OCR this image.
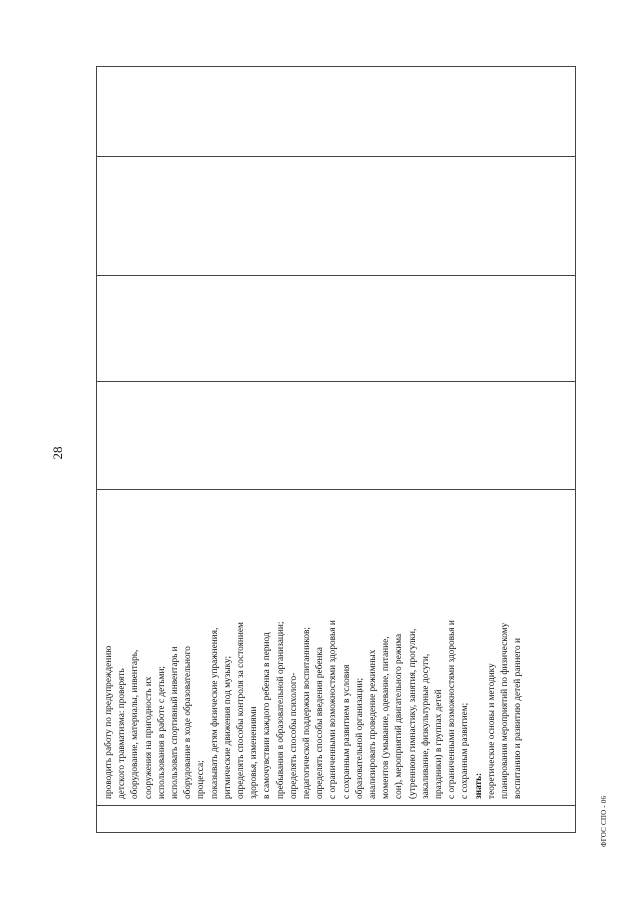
28

проводить работу по предупреждению детского травматизма: проверять оборудование, материалы, инвентарь, сооружения на пригодность их использования в работе с детьми; использовать спортивный инвентарь и оборудование в ходе образовательного процесса; показывать детям физические упражнения, ритмические движения под музыку; определять способы контроля за состоянием здоровья, изменениями в самочувствии каждого ребенка в период пребывания в образовательной организации; определять способы психолого- педагогической поддержки воспитанников; определять способы введения ребенка с ограниченными возможностями здоровья и с сохранным развитием в условия образовательной организации; анализировать проведение режимных моментов (умывание, одевание, питание, сон), мероприятий двигательного режима (утреннюю гимнастику, занятия, прогулки, закаливание, физкультурные досуги, праздники) в группах детей с ограниченными возможностями здоровья и с сохранным развитием; знать: теоретические основы и методику планирования мероприятий по физическому воспитанию и развитию детей раннего и

ФГОС СПО - 06
